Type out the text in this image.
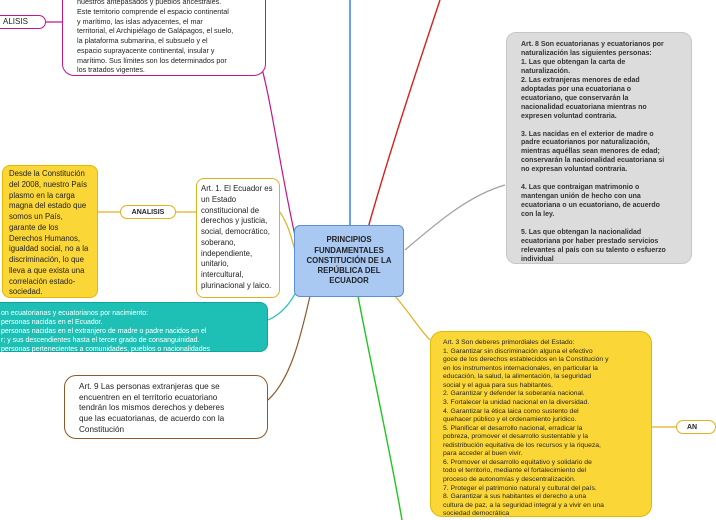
ALISIS
nuestros antepasados y pueblos ancestrales.
Este territorio comprende el espacio continental
y marítimo, las islas adyacentes, el mar
territorial, el Archipiélago de Galápagos, el suelo,
la plataforma submarina, el subsuelo y el
espacio suprayacente continental, insular y
marítimo. Sus límites son los determinados por
los tratados vigentes.
Desde la Constitución
del 2008, nuestro País
plasmo en la carga
magna del estado que
somos un País,
garante de los
Derechos Humanos,
igualdad social, no a la
discriminación, lo que
lleva a que exista una
correlación estado-
sociedad.
ANALISIS
Art. 1. El Ecuador es
un Estado
constitucional de
derechos y justicia,
social, democrático,
soberano,
independiente,
unitario,
intercultural,
plurinacional y laico.
PRINCIPIOS FUNDAMENTALES CONSTITUCIÓN DE LA REPÚBLICA DEL ECUADOR
on ecuatorianas y ecuatorianos por nacimiento:
personas nacidas en el Ecuador.
personas nacidas en el extranjero de madre o padre nacidos en el
r; y sus descendientes hasta el tercer grado de consanguinidad.
personas pertenecientes a comunidades, pueblos o nacionalidades
idos por el Ecuador con presencia en las zonas de frontera.
Art. 9 Las personas extranjeras que se
encuentren en el territorio ecuatoriano
tendrán los mismos derechos y deberes
que las ecuatorianas, de acuerdo con la
Constitución
Art. 8 Son ecuatorianas y ecuatorianos por
naturalización las siguientes personas:
1. Las que obtengan la carta de
naturalización.
2. Las extranjeras menores de edad
adoptadas por una ecuatoriana o
ecuatoriano, que conservarán la
nacionalidad ecuatoriana mientras no
expresen voluntad contraria.

3. Las nacidas en el exterior de madre o
padre ecuatorianos por naturalización,
mientras aquéllas sean menores de edad;
conservarán la nacionalidad ecuatoriana si
no expresan voluntad contraria.

4. Las que contraigan matrimonio o
mantengan unión de hecho con una
ecuatoriana o un ecuatoriano, de acuerdo
con la ley.

5. Las que obtengan la nacionalidad
ecuatoriana por haber prestado servicios
relevantes al país con su talento o esfuerzo
individual
Art. 3 Son deberes primordiales del Estado:
1. Garantizar sin discriminación alguna el efectivo
goce de los derechos establecidos en la Constitución y
en los instrumentos internacionales, en particular la
educación, la salud, la alimentación, la seguridad
social y el agua para sus habitantes.
2. Garantizar y defender la soberanía nacional.
3. Fortalecer la unidad nacional en la diversidad.
4. Garantizar la ética laica como sustento del
quehacer público y el ordenamiento jurídico.
5. Planificar el desarrollo nacional, erradicar la
pobreza, promover el desarrollo sustentable y la
redistribución equitativa de los recursos y la riqueza,
para acceder al buen vivir.
6. Promover el desarrollo equitativo y solidario de
todo el territorio, mediante el fortalecimiento del
proceso de autonomías y descentralización.
7. Proteger el patrimonio natural y cultural del país.
8. Garantizar a sus habitantes el derecho a una
cultura de paz, a la seguridad integral y a vivir en una
sociedad democrática
AN
